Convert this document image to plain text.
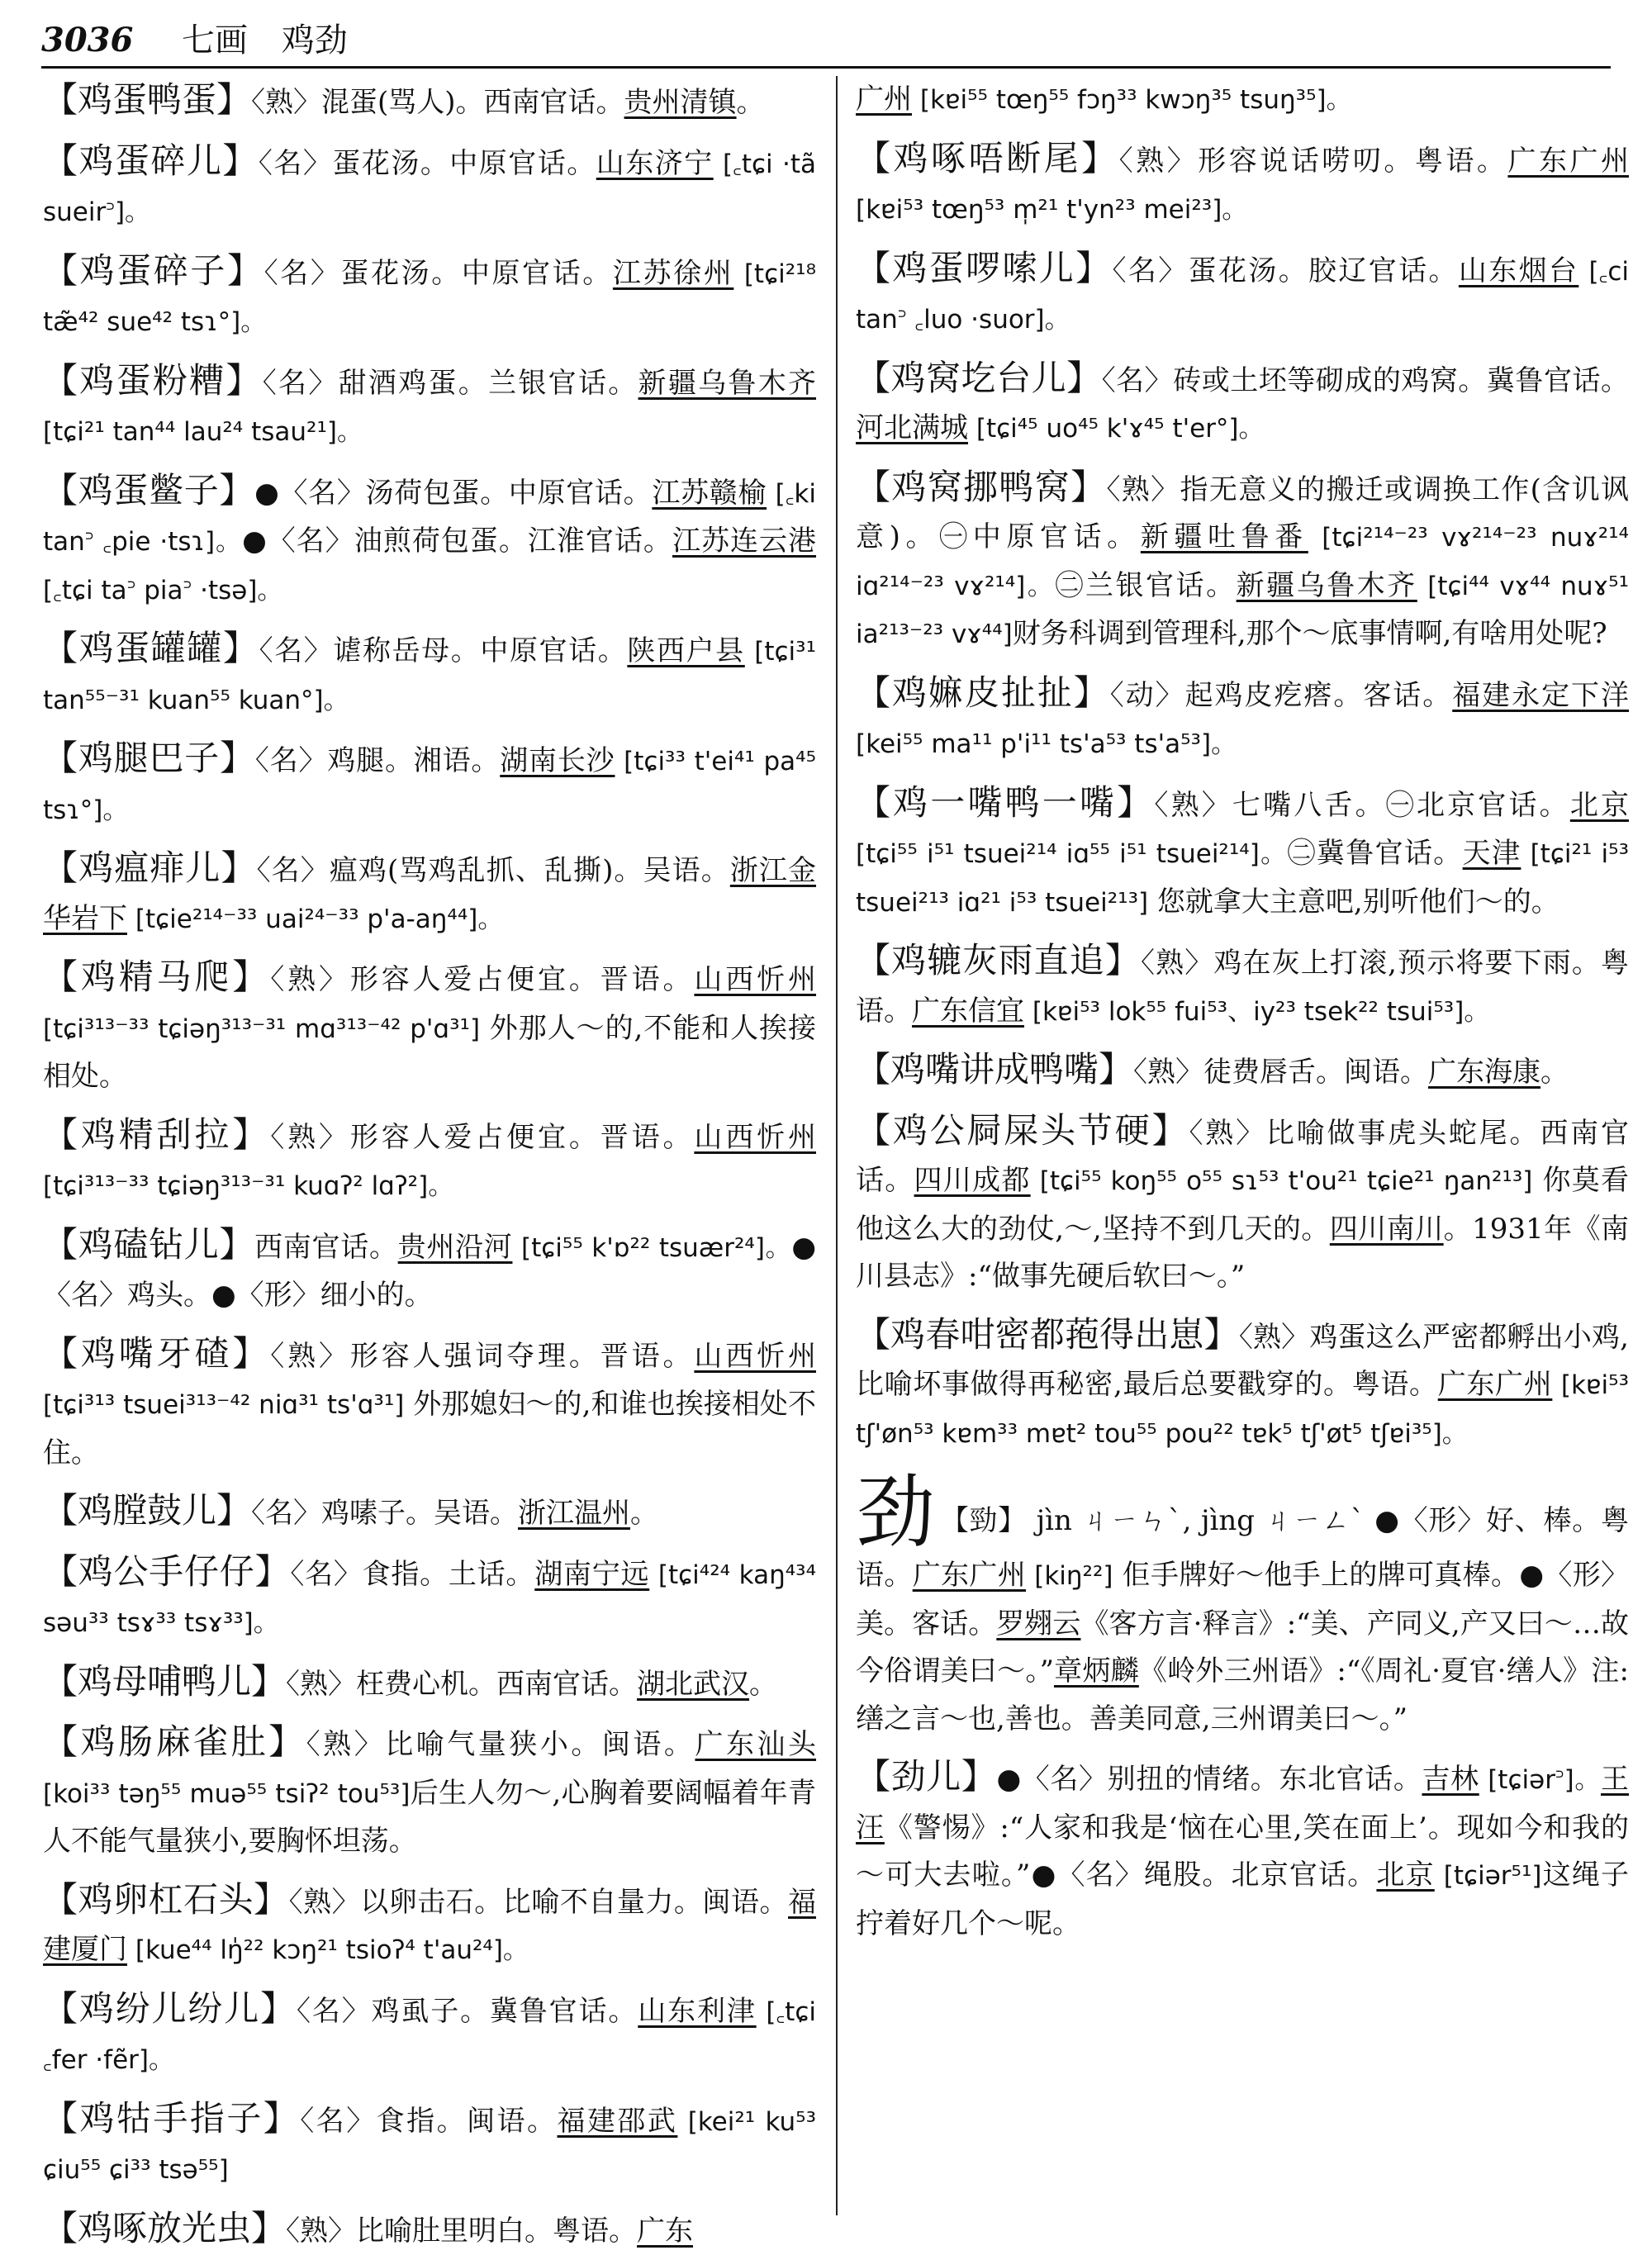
3036 七画 鸡劲
【鸡蛋鸭蛋】〈熟〉混蛋(骂人)。西南官话。贵州清镇。
【鸡蛋碎儿】〈名〉蛋花汤。中原官话。山东济宁 [꜀tɕi ·tã sueir꜄]。
【鸡蛋碎子】〈名〉蛋花汤。中原官话。江苏徐州 [tɕi²¹⁸ tæ̃⁴² sue⁴² tsɿ°]。
【鸡蛋粉糟】〈名〉甜酒鸡蛋。兰银官话。新疆乌鲁木齐 [tɕi²¹ tan⁴⁴ lau²⁴ tsau²¹]。
【鸡蛋鳖子】●〈名〉汤荷包蛋。中原官话。江苏赣榆 [꜀ki tan꜄ ꜀pie ·tsɿ]。●〈名〉油煎荷包蛋。江淮官话。江苏连云港 [꜀tɕi ta꜄ pia꜄ ·tsə]。
【鸡蛋罐罐】〈名〉谑称岳母。中原官话。陕西户县 [tɕi³¹ tan⁵⁵⁻³¹ kuan⁵⁵ kuan°]。
【鸡腿巴子】〈名〉鸡腿。湘语。湖南长沙 [tɕi³³ t'ei⁴¹ pa⁴⁵ tsɿ°]。
【鸡瘟痱儿】〈名〉瘟鸡(骂鸡乱抓、乱撕)。吴语。浙江金华岩下 [tɕie²¹⁴⁻³³ uai²⁴⁻³³ p'a-aŋ⁴⁴]。
【鸡精马爬】〈熟〉形容人爱占便宜。晋语。山西忻州 [tɕi³¹³⁻³³ tɕiəŋ³¹³⁻³¹ mɑ³¹³⁻⁴² p'ɑ³¹] 外那人～的,不能和人挨接相处。
【鸡精刮拉】〈熟〉形容人爱占便宜。晋语。山西忻州 [tɕi³¹³⁻³³ tɕiəŋ³¹³⁻³¹ kuɑʔ² lɑʔ²]。
【鸡磕钻儿】西南官话。贵州沿河 [tɕi⁵⁵ k'ɒ²² tsuær²⁴]。●〈名〉鸡头。●〈形〉细小的。
【鸡嘴牙碴】〈熟〉形容人强词夺理。晋语。山西忻州 [tɕi³¹³ tsuei³¹³⁻⁴² niɑ³¹ ts'ɑ³¹] 外那媳妇～的,和谁也挨接相处不住。
【鸡膛鼓儿】〈名〉鸡嗉子。吴语。浙江温州。
【鸡公手仔仔】〈名〉食指。土话。湖南宁远 [tɕi⁴²⁴ kaŋ⁴³⁴ səu³³ tsɤ³³ tsɤ³³]。
【鸡母哺鸭儿】〈熟〉枉费心机。西南官话。湖北武汉。
【鸡肠麻雀肚】〈熟〉比喻气量狭小。闽语。广东汕头 [koi³³ təŋ⁵⁵ muə⁵⁵ tsiʔ² tou⁵³]后生人勿～,心胸着要阔幅着年青人不能气量狭小,要胸怀坦荡。
【鸡卵杠石头】〈熟〉以卵击石。比喻不自量力。闽语。福建厦门 [kue⁴⁴ lŋ̍²² kɔŋ²¹ tsioʔ⁴ t'au²⁴]。
【鸡纷儿纷儿】〈名〉鸡虱子。冀鲁官话。山东利津 [꜀tɕi ꜀fer ·fẽr]。
【鸡牯手指子】〈名〉食指。闽语。福建邵武 [kei²¹ ku⁵³ ɕiu⁵⁵ ɕi³³ tsə⁵⁵]
【鸡啄放光虫】〈熟〉比喻肚里明白。粤语。广东
广州 [kɐi⁵⁵ tœŋ⁵⁵ fɔŋ³³ kwɔŋ³⁵ tsuŋ³⁵]。
【鸡啄唔断尾】〈熟〉形容说话唠叨。粤语。广东广州 [kɐi⁵³ tœŋ⁵³ m̩²¹ t'yn²³ mei²³]。
【鸡蛋啰嗦儿】〈名〉蛋花汤。胶辽官话。山东烟台 [꜀ci tan꜄ ꜀luo ·suor]。
【鸡窝圪台儿】〈名〉砖或土坯等砌成的鸡窝。冀鲁官话。河北满城 [tɕi⁴⁵ uo⁴⁵ k'ɤ⁴⁵ t'er°]。
【鸡窝挪鸭窝】〈熟〉指无意义的搬迁或调换工作(含讥讽意)。㊀中原官话。新疆吐鲁番 [tɕi²¹⁴⁻²³ vɤ²¹⁴⁻²³ nuɤ²¹⁴ iɑ²¹⁴⁻²³ vɤ²¹⁴]。㊁兰银官话。新疆乌鲁木齐 [tɕi⁴⁴ vɤ⁴⁴ nuɤ⁵¹ ia²¹³⁻²³ vɤ⁴⁴]财务科调到管理科,那个～底事情啊,有啥用处呢?
【鸡嫲皮扯扯】〈动〉起鸡皮疙瘩。客话。福建永定下洋 [kei⁵⁵ ma¹¹ p'i¹¹ ts'a⁵³ ts'a⁵³]。
【鸡一嘴鸭一嘴】〈熟〉七嘴八舌。㊀北京官话。北京 [tɕi⁵⁵ i⁵¹ tsuei²¹⁴ iɑ⁵⁵ i⁵¹ tsuei²¹⁴]。㊁冀鲁官话。天津 [tɕi²¹ i⁵³ tsuei²¹³ iɑ²¹ i⁵³ tsuei²¹³] 您就拿大主意吧,别听他们～的。
【鸡辘灰雨直追】〈熟〉鸡在灰上打滚,预示将要下雨。粤语。广东信宜 [kɐi⁵³ lok⁵⁵ fui⁵³、iy²³ tsek²² tsui⁵³]。
【鸡嘴讲成鸭嘴】〈熟〉徒费唇舌。闽语。广东海康。
【鸡公屙屎头节硬】〈熟〉比喻做事虎头蛇尾。西南官话。四川成都 [tɕi⁵⁵ koŋ⁵⁵ o⁵⁵ sɿ⁵³ t'ou²¹ tɕie²¹ ŋan²¹³] 你莫看他这么大的劲仗,～,坚持不到几天的。四川南川。1931年《南川县志》:“做事先硬后软曰～。”
【鸡春咁密都菢得出崽】〈熟〉鸡蛋这么严密都孵出小鸡,比喻坏事做得再秘密,最后总要戳穿的。粤语。广东广州 [kɐi⁵³ tʃ'øn⁵³ kɐm³³ mɐt² tou⁵⁵ pou²² tɐk⁵ tʃ'øt⁵ tʃɐi³⁵]。
劲 【勁】 jìn ㄐㄧㄣˋ, jìng ㄐㄧㄥˋ ●〈形〉好、棒。粤语。广东广州 [kiŋ²²] 佢手牌好～他手上的牌可真棒。●〈形〉美。客话。罗翙云《客方言·释言》:“美、产同义,产又曰～…故今俗谓美曰～。”章炳麟《岭外三州语》:“《周礼·夏官·缮人》注:缮之言～也,善也。善美同意,三州谓美曰～。”
【劲儿】●〈名〉别扭的情绪。东北官话。吉林 [tɕiər꜄]。王汪《警惕》:“人家和我是‘恼在心里,笑在面上’。现如今和我的～可大去啦。”●〈名〉绳股。北京官话。北京 [tɕiər⁵¹]这绳子拧着好几个～呢。
